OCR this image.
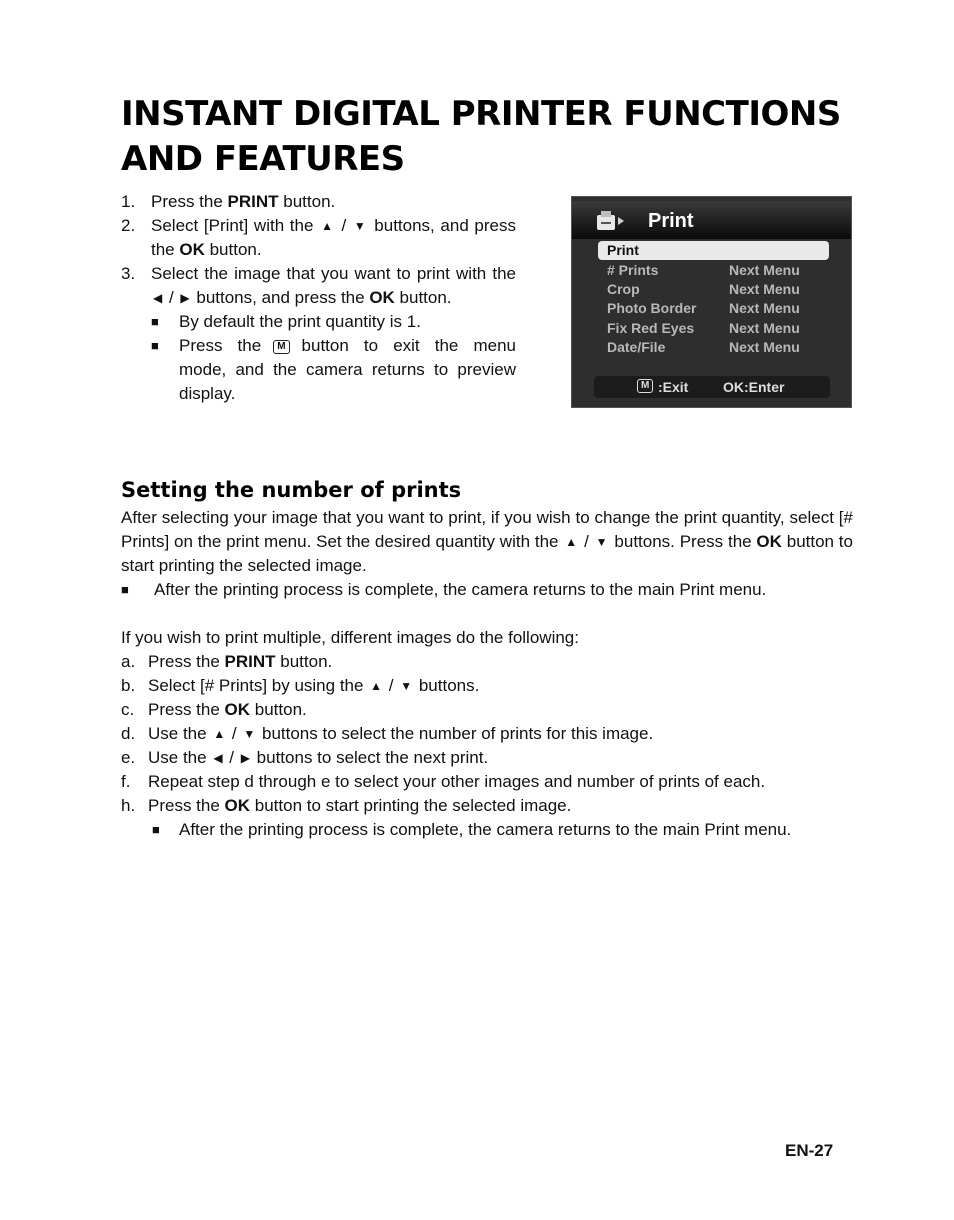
INSTANT DIGITAL PRINTER FUNCTIONS AND FEATURES
1. Press the PRINT button.
2. Select [Print] with the ▲ / ▼ buttons, and press the OK button.
3. Select the image that you want to print with the ◀ / ▶ buttons, and press the OK button.
■	By default the print quantity is 1.
■	Press the M button to exit the menu mode, and the camera returns to preview display.
Print
Print
# Prints	Next Menu
Crop	Next Menu
Photo Border Next Menu
Fix Red Eyes Next Menu
Date/File	Next Menu
M :Exit OK:Enter
Setting the number of prints
After selecting your image that you want to print, if you wish to change the print quantity, select [# Prints] on the print menu. Set the desired quantity with the ▲ / ▼ buttons. Press the OK button to start printing the selected image.
■	After the printing process is complete, the camera returns to the main Print menu.
If you wish to print multiple, different images do the following:
a. Press the PRINT button.
b. Select [# Prints] by using the ▲ / ▼ buttons.
c. Press the OK button.
d. Use the ▲ / ▼ buttons to select the number of prints for this image.
e. Use the ◀ / ▶ buttons to select the next print.
f.	Repeat step d through e to select your other images and number of prints of each.
h. Press the OK button to start printing the selected image.
■	After the printing process is complete, the camera returns to the main Print menu.
EN-27
